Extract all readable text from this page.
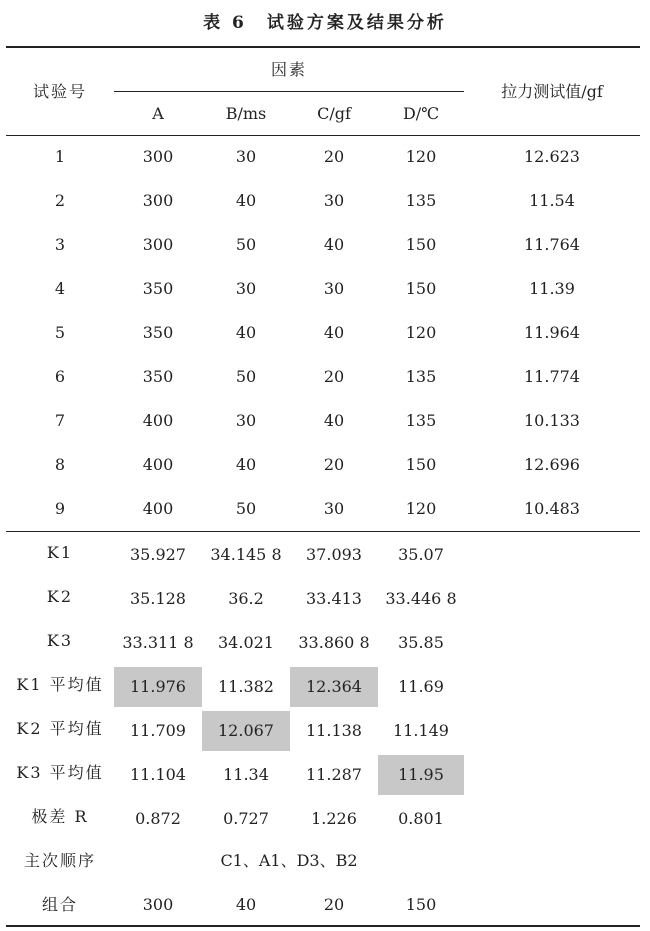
表 6　试验方案及结果分析
试验号
因素
A	B/ms	C/gf	D/℃
拉力测试值/gf
1	300	30	20	120	12.623
2	300	40	30	135	11.54
3	300	50	40	150	11.764
4	350	30	30	150	11.39
5	350	40	40	120	11.964
6	350	50	20	135	11.774
7	400	30	40	135	10.133
8	400	40	20	150	12.696
9	400	50	30	120	10.483
K1	35.927	34.145 8	37.093	35.07
K2	35.128	36.2	33.413	33.446 8
K3	33.311 8	34.021	33.860 8	35.85
K1 平均值	11.976	11.382	12.364	11.69
K2 平均值	11.709	12.067	11.138	11.149
K3 平均值	11.104	11.34	11.287	11.95
极差 R	0.872	0.727	1.226	0.801
主次顺序	C1、A1、D3、B2
组合	300	40	20	150
